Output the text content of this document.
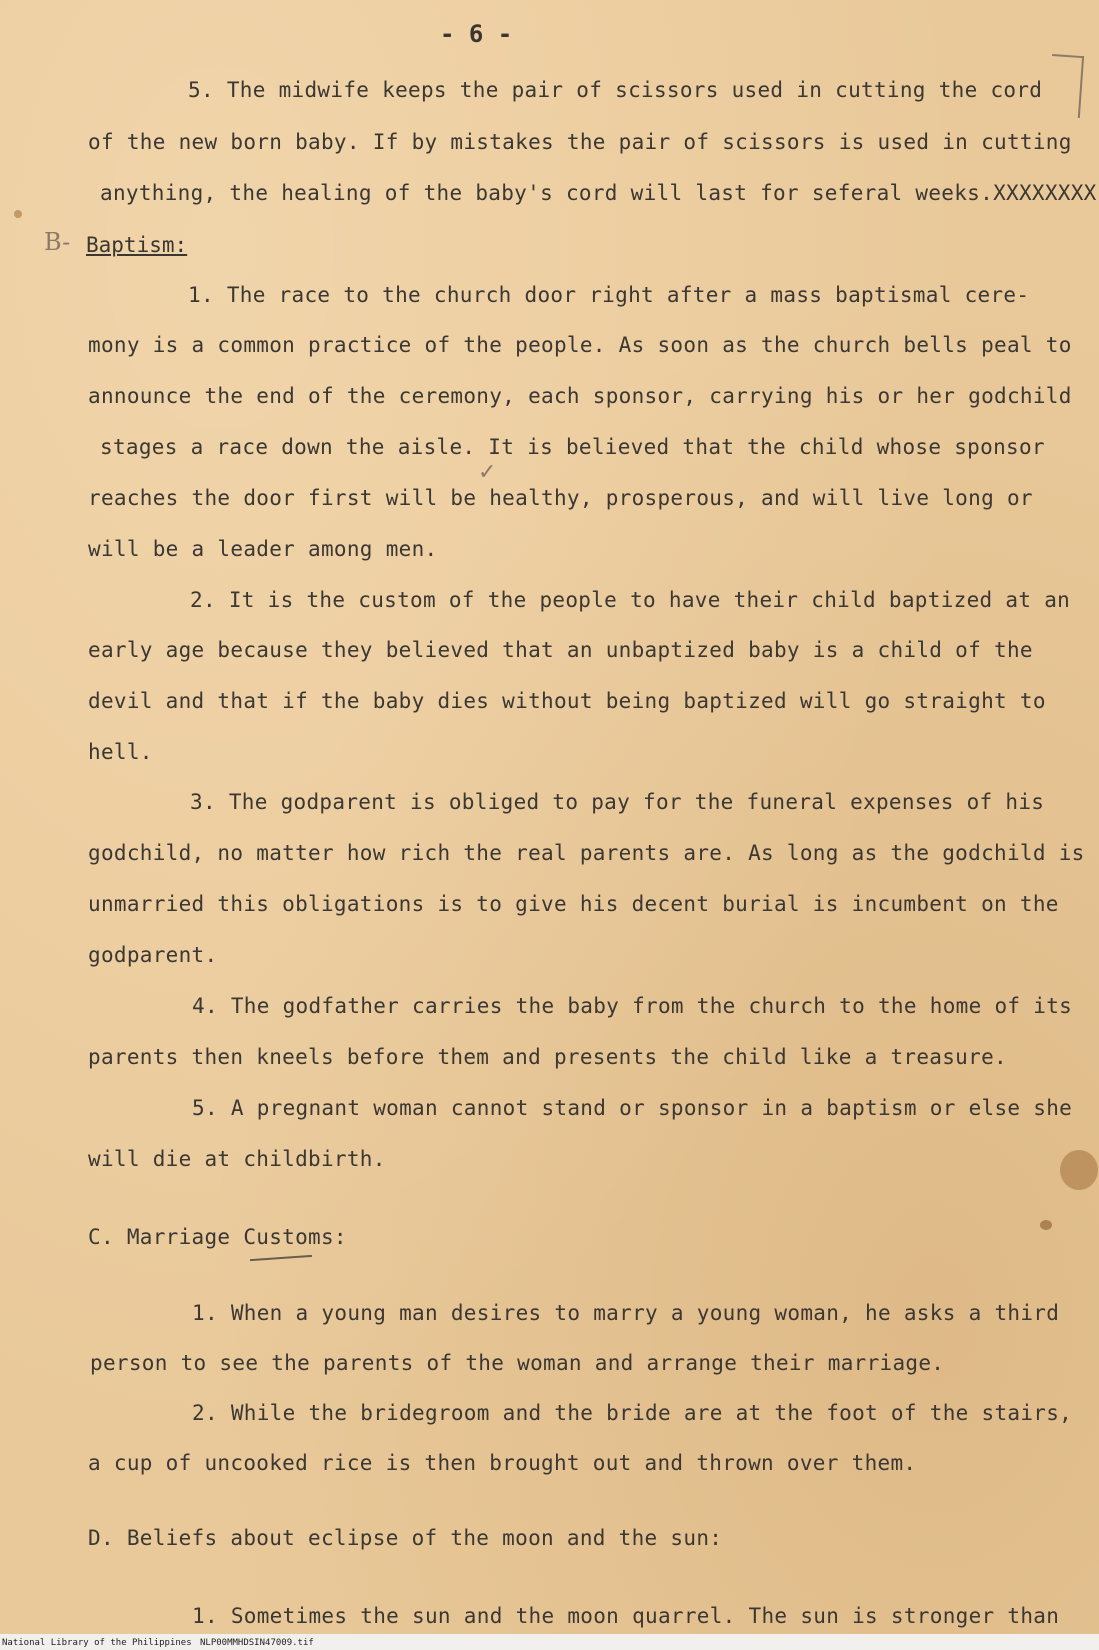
- 6 -
5. The midwife keeps the pair of scissors used in cutting the cord
of the new born baby. If by mistakes the pair of scissors is used in cutting
anything, the healing of the baby's cord will last for seferal weeks.XXXXXXXX
B- Baptism:
1. The race to the church door right after a mass baptismal cere-
mony is a common practice of the people. As soon as the church bells peal to
announce the end of the ceremony, each sponsor, carrying his or her godchild
stages a race down the aisle. It is believed that the child whose sponsor
✓
reaches the door first will be healthy, prosperous, and will live long or
will be a leader among men.
2. It is the custom of the people to have their child baptized at an
early age because they believed that an unbaptized baby is a child of the
devil and that if the baby dies without being baptized will go straight to
hell.
3. The godparent is obliged to pay for the funeral expenses of his
godchild, no matter how rich the real parents are. As long as the godchild is
unmarried this obligations is to give his decent burial is incumbent on the
godparent.
4. The godfather carries the baby from the church to the home of its
parents then kneels before them and presents the child like a treasure.
5. A pregnant woman cannot stand or sponsor in a baptism or else she
will die at childbirth.
C. Marriage Customs:
1. When a young man desires to marry a young woman, he asks a third
person to see the parents of the woman and arrange their marriage.
2. While the bridegroom and the bride are at the foot of the stairs,
a cup of uncooked rice is then brought out and thrown over them.
D. Beliefs about eclipse of the moon and the sun:
1. Sometimes the sun and the moon quarrel. The sun is stronger than
National Library of the Philippines NLP00MMHDSIN47009.tif
